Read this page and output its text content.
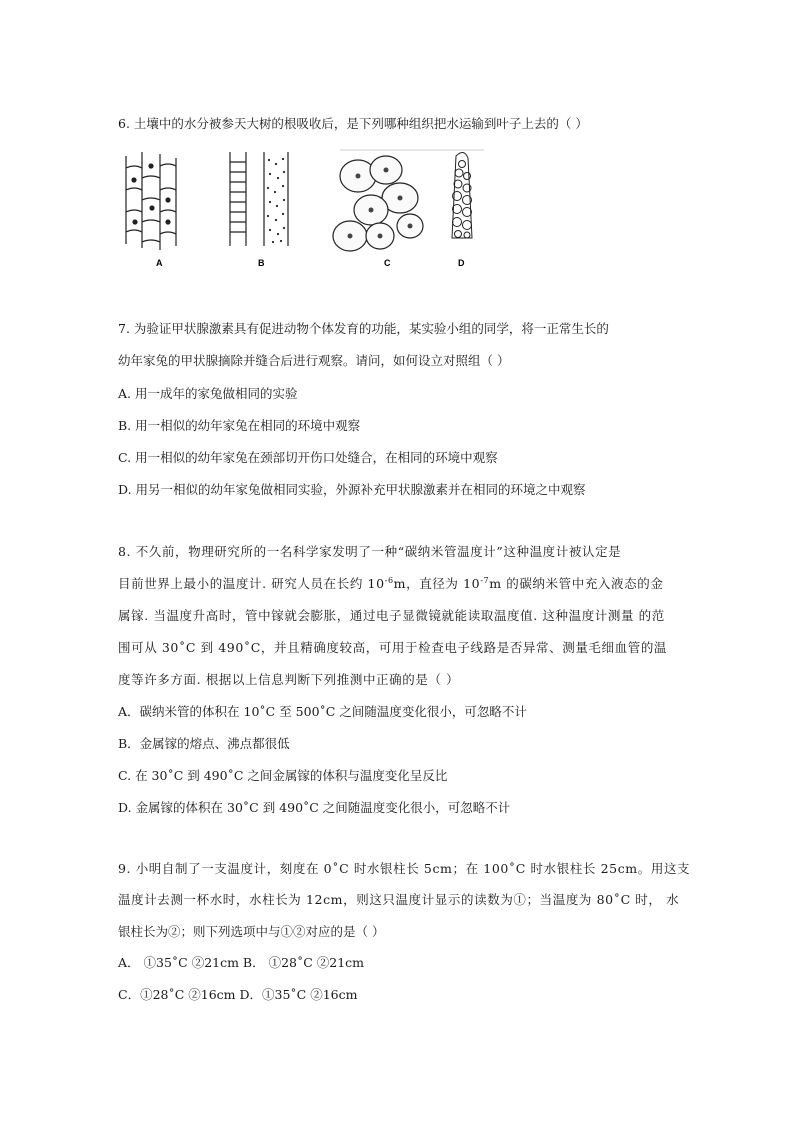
6. 土壤中的水分被参天大树的根吸收后，是下列哪种组织把水运输到叶子上去的（ ）
A	B	C	D
7. 为验证甲状腺激素具有促进动物个体发育的功能，某实验小组的同学，将一正常生长的
幼年家兔的甲状腺摘除并缝合后进行观察。请问，如何设立对照组（ ）
A. 用一成年的家兔做相同的实验
B. 用一相似的幼年家兔在相同的环境中观察
C. 用一相似的幼年家兔在颈部切开伤口处缝合，在相同的环境中观察
D. 用另一相似的幼年家兔做相同实验，外源补充甲状腺激素并在相同的环境之中观察
8. 不久前，物理研究所的一名科学家发明了一种“碳纳米管温度计”这种温度计被认定是
目前世界上最小的温度计. 研究人员在长约 $10^{-6}m$，直径为 $10^{-7}m$ 的碳纳米管中充入液态的金
属镓. 当温度升高时，管中镓就会膨胀，通过电子显微镜就能读取温度值. 这种温度计测量 的范
围可从 30˚C 到 490˚C，并且精确度较高，可用于检查电子线路是否异常、测量毛细血管的温
度等许多方面. 根据以上信息判断下列推测中正确的是（ ）
A．碳纳米管的体积在 10˚C 至 500˚C 之间随温度变化很小，可忽略不计
B．金属镓的熔点、沸点都很低
C. 在 30˚C 到 490˚C 之间金属镓的体积与温度变化呈反比
D. 金属镓的体积在 30˚C 到 490˚C 之间随温度变化很小，可忽略不计
9. 小明自制了一支温度计，刻度在 0˚C 时水银柱长 5cm；在 100˚C 时水银柱长 25cm。用这支
温度计去测一杯水时，水柱长为 12cm，则这只温度计显示的读数为①；当温度为 80˚C 时， 水
银柱长为②；则下列选项中与①②对应的是（ ）
A． ①35˚C ②21cm B． ①28˚C ②21cm
C．①28˚C ②16cm D．①35˚C ②16cm
